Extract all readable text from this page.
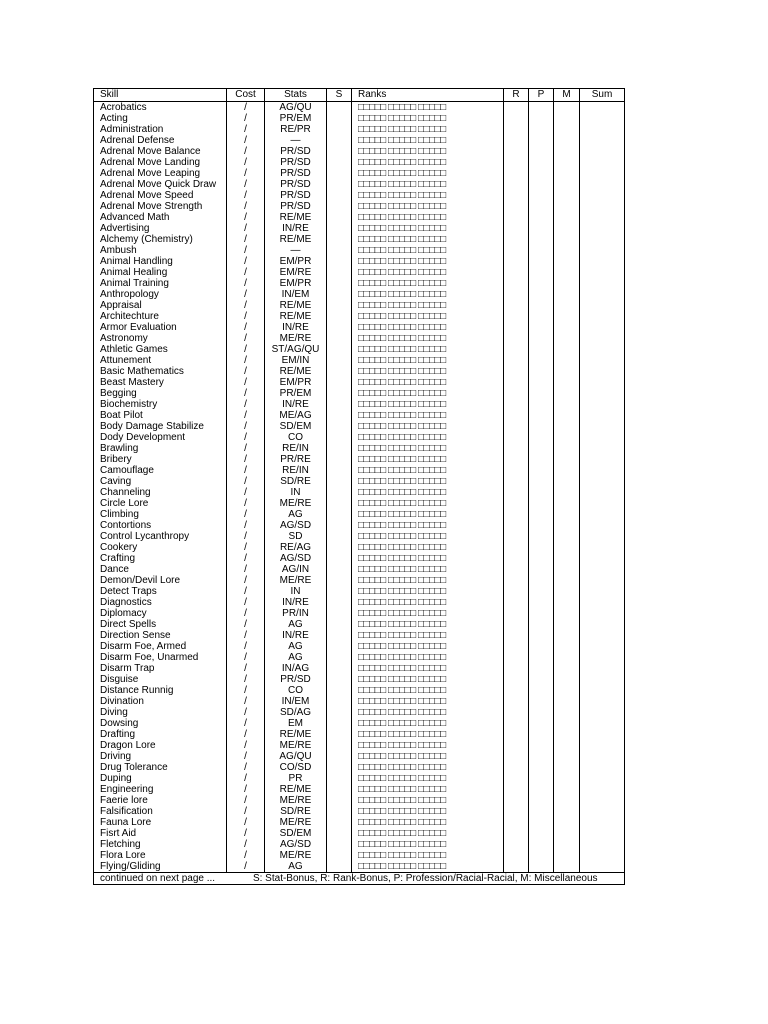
Skill	Cost	Stats	S	Ranks	R	P	M	Sum
Acrobatics	/	AG/QU		□□□□□ □□□□□ □□□□□				
Acting	/	PR/EM		□□□□□ □□□□□ □□□□□				
Administration	/	RE/PR		□□□□□ □□□□□ □□□□□				
Adrenal Defense	/	—		□□□□□ □□□□□ □□□□□				
Adrenal Move Balance	/	PR/SD		□□□□□ □□□□□ □□□□□				
Adrenal Move Landing	/	PR/SD		□□□□□ □□□□□ □□□□□				
Adrenal Move Leaping	/	PR/SD		□□□□□ □□□□□ □□□□□				
Adrenal Move Quick Draw	/	PR/SD		□□□□□ □□□□□ □□□□□				
Adrenal Move Speed	/	PR/SD		□□□□□ □□□□□ □□□□□				
Adrenal Move Strength	/	PR/SD		□□□□□ □□□□□ □□□□□				
Advanced Math	/	RE/ME		□□□□□ □□□□□ □□□□□				
Advertising	/	IN/RE		□□□□□ □□□□□ □□□□□				
Alchemy (Chemistry)	/	RE/ME		□□□□□ □□□□□ □□□□□				
Ambush	/	—		□□□□□ □□□□□ □□□□□				
Animal Handling	/	EM/PR		□□□□□ □□□□□ □□□□□				
Animal Healing	/	EM/RE		□□□□□ □□□□□ □□□□□				
Animal Training	/	EM/PR		□□□□□ □□□□□ □□□□□				
Anthropology	/	IN/EM		□□□□□ □□□□□ □□□□□				
Appraisal	/	RE/ME		□□□□□ □□□□□ □□□□□				
Architechture	/	RE/ME		□□□□□ □□□□□ □□□□□				
Armor Evaluation	/	IN/RE		□□□□□ □□□□□ □□□□□				
Astronomy	/	ME/RE		□□□□□ □□□□□ □□□□□				
Athletic Games	/	ST/AG/QU		□□□□□ □□□□□ □□□□□				
Attunement	/	EM/IN		□□□□□ □□□□□ □□□□□				
Basic Mathematics	/	RE/ME		□□□□□ □□□□□ □□□□□				
Beast Mastery	/	EM/PR		□□□□□ □□□□□ □□□□□				
Begging	/	PR/EM		□□□□□ □□□□□ □□□□□				
Biochemistry	/	IN/RE		□□□□□ □□□□□ □□□□□				
Boat Pilot	/	ME/AG		□□□□□ □□□□□ □□□□□				
Body Damage Stabilize	/	SD/EM		□□□□□ □□□□□ □□□□□				
Dody Development	/	CO		□□□□□ □□□□□ □□□□□				
Brawling	/	RE/IN		□□□□□ □□□□□ □□□□□				
Bribery	/	PR/RE		□□□□□ □□□□□ □□□□□				
Camouflage	/	RE/IN		□□□□□ □□□□□ □□□□□				
Caving	/	SD/RE		□□□□□ □□□□□ □□□□□				
Channeling	/	IN		□□□□□ □□□□□ □□□□□				
Circle Lore	/	ME/RE		□□□□□ □□□□□ □□□□□				
Climbing	/	AG		□□□□□ □□□□□ □□□□□				
Contortions	/	AG/SD		□□□□□ □□□□□ □□□□□				
Control Lycanthropy	/	SD		□□□□□ □□□□□ □□□□□				
Cookery	/	RE/AG		□□□□□ □□□□□ □□□□□				
Crafting	/	AG/SD		□□□□□ □□□□□ □□□□□				
Dance	/	AG/IN		□□□□□ □□□□□ □□□□□				
Demon/Devil Lore	/	ME/RE		□□□□□ □□□□□ □□□□□				
Detect Traps	/	IN		□□□□□ □□□□□ □□□□□				
Diagnostics	/	IN/RE		□□□□□ □□□□□ □□□□□				
Diplomacy	/	PR/IN		□□□□□ □□□□□ □□□□□				
Direct Spells	/	AG		□□□□□ □□□□□ □□□□□				
Direction Sense	/	IN/RE		□□□□□ □□□□□ □□□□□				
Disarm Foe, Armed	/	AG		□□□□□ □□□□□ □□□□□				
Disarm Foe, Unarmed	/	AG		□□□□□ □□□□□ □□□□□				
Disarm Trap	/	IN/AG		□□□□□ □□□□□ □□□□□				
Disguise	/	PR/SD		□□□□□ □□□□□ □□□□□				
Distance Runnig	/	CO		□□□□□ □□□□□ □□□□□				
Divination	/	IN/EM		□□□□□ □□□□□ □□□□□				
Diving	/	SD/AG		□□□□□ □□□□□ □□□□□				
Dowsing	/	EM		□□□□□ □□□□□ □□□□□				
Drafting	/	RE/ME		□□□□□ □□□□□ □□□□□				
Dragon Lore	/	ME/RE		□□□□□ □□□□□ □□□□□				
Driving	/	AG/QU		□□□□□ □□□□□ □□□□□				
Drug Tolerance	/	CO/SD		□□□□□ □□□□□ □□□□□				
Duping	/	PR		□□□□□ □□□□□ □□□□□				
Engineering	/	RE/ME		□□□□□ □□□□□ □□□□□				
Faerie lore	/	ME/RE		□□□□□ □□□□□ □□□□□				
Falsification	/	SD/RE		□□□□□ □□□□□ □□□□□				
Fauna Lore	/	ME/RE		□□□□□ □□□□□ □□□□□				
Fisrt Aid	/	SD/EM		□□□□□ □□□□□ □□□□□				
Fletching	/	AG/SD		□□□□□ □□□□□ □□□□□				
Flora Lore	/	ME/RE		□□□□□ □□□□□ □□□□□				
Flying/Gliding	/	AG		□□□□□ □□□□□ □□□□□				
continued on next page ...	S: Stat-Bonus, R: Rank-Bonus, P: Profession/Racial-Racial, M: Miscellaneous							
